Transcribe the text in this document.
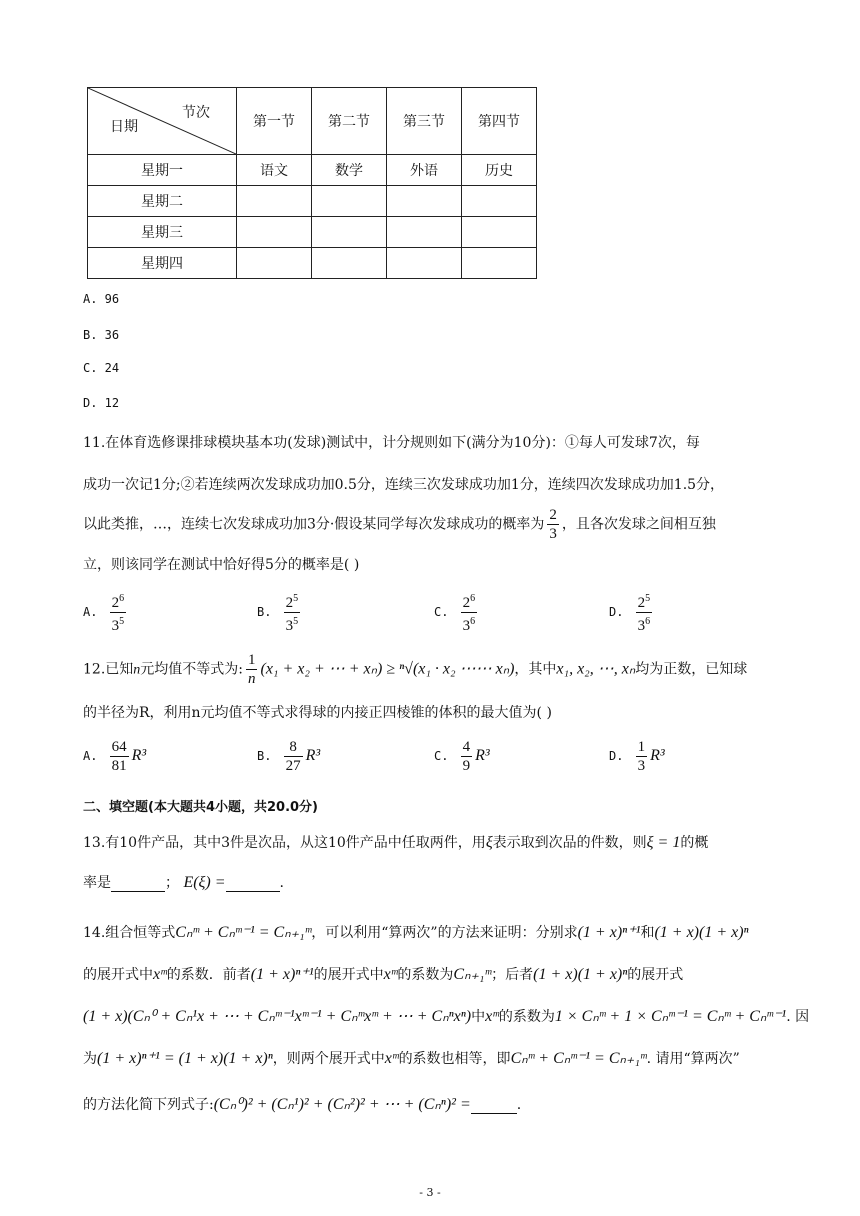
节次
日期	第一节	第二节	第三节	第四节
星期一	语文	数学	外语	历史
星期二				
星期三				
星期四				
A. 96
B. 36
C. 24
D. 12
11.在体育选修课排球模块基本功(发球)测试中，计分规则如下(满分为10分)：①每人可发球7次，每
成功一次记1分;②若连续两次发球成功加0.5分，连续三次发球成功加1分，连续四次发球成功加1.5分，
以此类推，…，连续七次发球成功加3分·假设某同学每次发球成功的概率为 $\frac{2}{3}$ ，且各次发球之间相互独
立，则该同学在测试中恰好得5分的概率是( )
A. $\frac{2^6}{3^5}$	B. $\frac{2^5}{3^5}$	C. $\frac{2^6}{3^6}$	D. $\frac{2^5}{3^6}$
12.已知n元均值不等式为: $\frac{1}{n} (x_1 + x_2$ + ⋯ + xₙ) ≥ ⁿ√(x₁ · x₂ ⋯⋯ xₙ)，其中x₁, x₂, ⋯, xₙ均为正数，已知球
的半径为R，利用n元均值不等式求得球的内接正四棱锥的体积的最大值为( )
A. $\frac{64}{81} R^3$	B. $\frac{8}{27} R^3$	C. $\frac{4}{9} R^3$	D. $\frac{1}{3} R^3$
二、填空题(本大题共4小题，共20.0分)
13.有10件产品，其中3件是次品，从这10件产品中任取两件，用ξ表示取到次品的件数，则ξ = 1的概
率是	； E(ξ) =	.
14.组合恒等式Cₙᵐ + Cₙᵐ⁻¹ = Cₙ₊₁ᵐ，可以利用“算两次”的方法来证明：分别求(1 + x)ⁿ⁺¹和(1 + x)(1 + x)ⁿ
的展开式中xᵐ的系数．前者(1 + x)ⁿ⁺¹的展开式中xᵐ的系数为Cₙ₊₁ᵐ；后者(1 + x)(1 + x)ⁿ的展开式
(1 + x)(Cₙ⁰ + Cₙ¹x + ⋯ + Cₙᵐ⁻¹xᵐ⁻¹ + Cₙᵐxᵐ + ⋯ + Cₙⁿxⁿ)中xᵐ的系数为1 × Cₙᵐ + 1 × Cₙᵐ⁻¹ = Cₙᵐ + Cₙᵐ⁻¹. 因
为(1 + x)ⁿ⁺¹ = (1 + x)(1 + x)ⁿ，则两个展开式中xᵐ的系数也相等，即Cₙᵐ + Cₙᵐ⁻¹ = Cₙ₊₁ᵐ. 请用“算两次”
的方法化简下列式子:(Cₙ⁰)² + (Cₙ¹)² + (Cₙ²)² + ⋯ + (Cₙⁿ)² =	.
- 3 -
